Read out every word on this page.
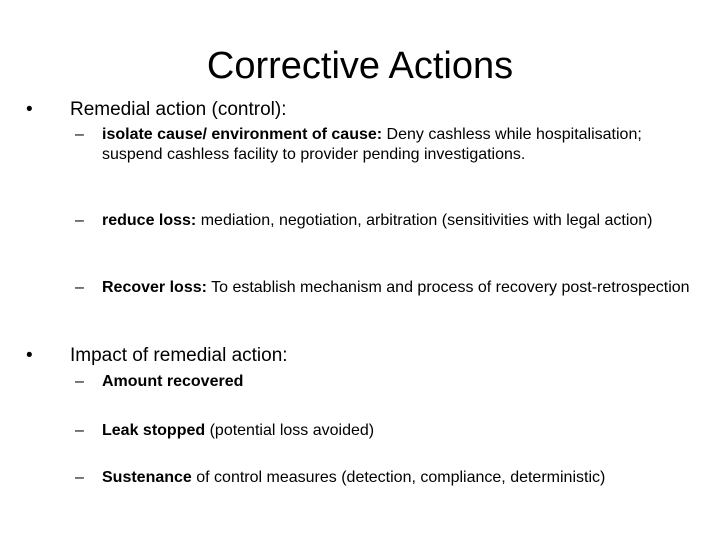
Corrective Actions
• Remedial action (control):
– isolate cause/ environment of cause: Deny cashless while hospitalisation; suspend cashless facility to provider pending investigations.
– reduce loss: mediation, negotiation, arbitration (sensitivities with legal action)
– Recover loss: To establish mechanism and process of recovery post-retrospection
• Impact of remedial action:
– Amount recovered
– Leak stopped (potential loss avoided)
– Sustenance of control measures (detection, compliance, deterministic)
